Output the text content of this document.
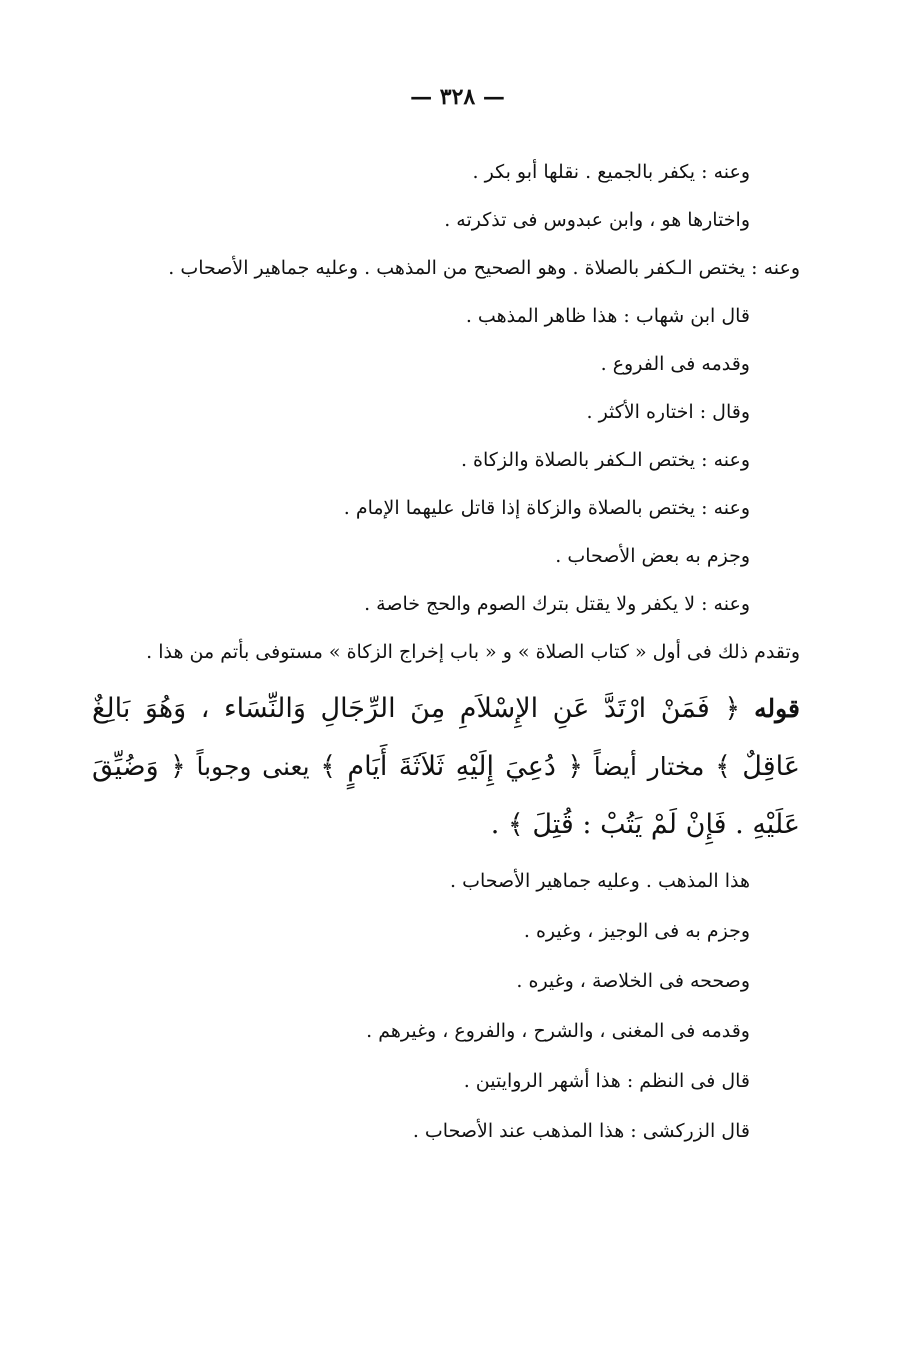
— ٣٢٨ —

وعنه : يكفر بالجميع . نقلها أبو بكر .

واختارها هو ، وابن عبدوس فى تذكرته .

وعنه : يختص الـكفر بالصلاة . وهو الصحيح من المذهب . وعليه جماهير الأصحاب .

قال ابن شهاب : هذا ظاهر المذهب .

وقدمه فى الفروع .

وقال : اختاره الأكثر .

وعنه : يختص الـكفر بالصلاة والزكاة .

وعنه : يختص بالصلاة والزكاة إذا قاتل عليهما الإمام .

وجزم به بعض الأصحاب .

وعنه : لا يكفر ولا يقتل بترك الصوم والحج خاصة .

وتقدم ذلك فى أول « كتاب الصلاة » و « باب إخراج الزكاة » مستوفى بأتم من هذا .

قوله ﴿ فَمَنْ ارْتَدَّ عَنِ الإِسْلاَمِ مِنَ الرِّجَالِ وَالنِّسَاء ، وَهُوَ بَالِغٌ عَاقِلٌ ﴾ مختار أيضاً ﴿ دُعِيَ إِلَيْهِ ثَلاَثَةَ أَيَامٍ ﴾ يعنى وجوباً ﴿ وَضُيِّقَ عَلَيْهِ . فَإِنْ لَمْ يَتُبْ : قُتِلَ ﴾ .

هذا المذهب . وعليه جماهير الأصحاب .

وجزم به فى الوجيز ، وغيره .

وصححه فى الخلاصة ، وغيره .

وقدمه فى المغنى ، والشرح ، والفروع ، وغيرهم .

قال فى النظم : هذا أشهر الروايتين .

قال الزركشى : هذا المذهب عند الأصحاب .
